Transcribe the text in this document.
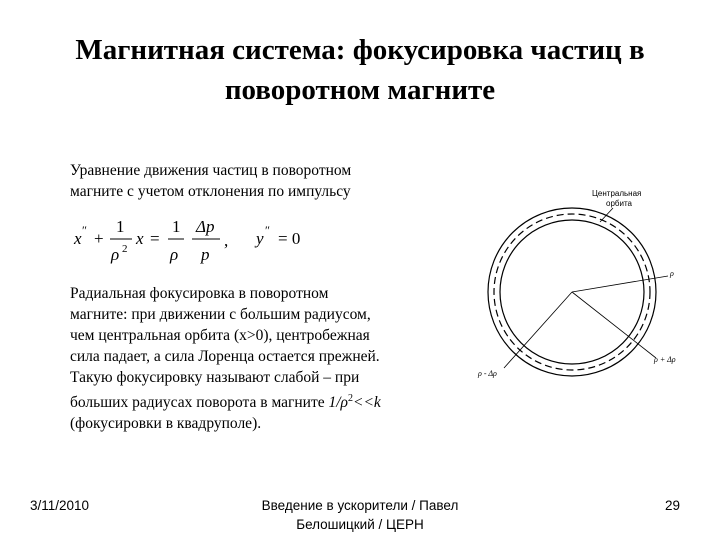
Магнитная система: фокусировка частиц в
поворотном магните
Уравнение движения частиц в поворотном
магните с учетом отклонения по импульсу
x ″ +
1
ρ 2
x =
1
ρ
Δp
p
, y ″ = 0
Радиальная фокусировка в поворотном
магните: при движении с большим радиусом,
чем центральная орбита (x>0), центробежная
сила падает, а сила Лоренца остается прежней.
Такую фокусировку называют слабой – при
больших радиусах поворота в магните $1/\rho^2<<k$
(фокусировки в квадруполе).
Центральная
орбита
ρ
ρ + Δρ
ρ - Δρ
3/11/2010	Введение в ускорители / Павел
Белошицкий / ЦЕРН
29
